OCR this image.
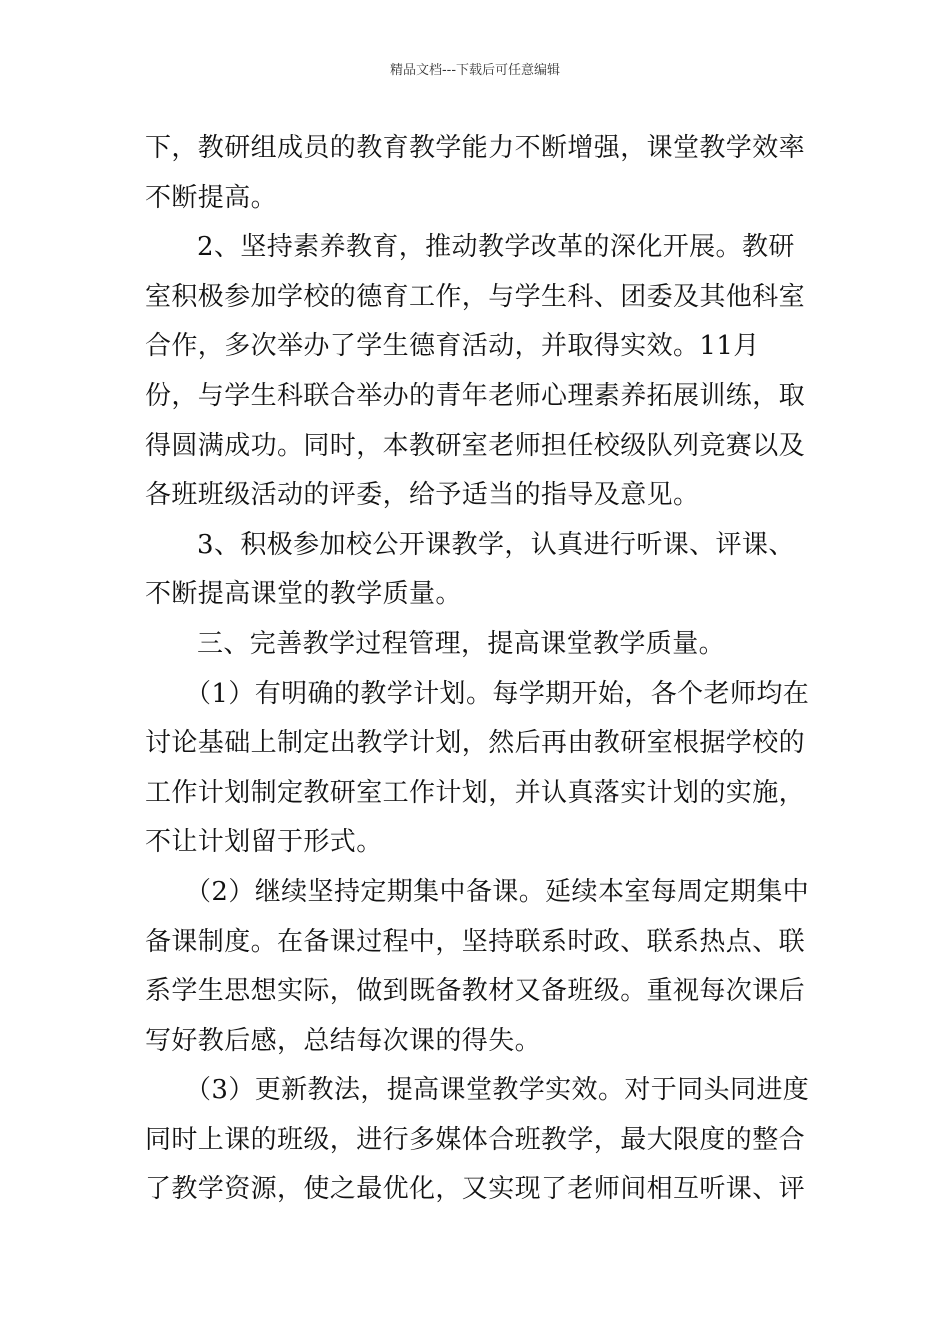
精品文档---下载后可任意编辑

下，教研组成员的教育教学能力不断增强，课堂教学效率不断提高。

2、坚持素养教育，推动教学改革的深化开展。教研室积极参加学校的德育工作，与学生科、团委及其他科室合作，多次举办了学生德育活动，并取得实效。11月份，与学生科联合举办的青年老师心理素养拓展训练，取得圆满成功。同时，本教研室老师担任校级队列竞赛以及各班班级活动的评委，给予适当的指导及意见。

3、积极参加校公开课教学，认真进行听课、评课、不断提高课堂的教学质量。

三、完善教学过程管理，提高课堂教学质量。

（1）有明确的教学计划。每学期开始，各个老师均在讨论基础上制定出教学计划，然后再由教研室根据学校的工作计划制定教研室工作计划，并认真落实计划的实施，不让计划留于形式。

（2）继续坚持定期集中备课。延续本室每周定期集中备课制度。在备课过程中，坚持联系时政、联系热点、联系学生思想实际，做到既备教材又备班级。重视每次课后写好教后感，总结每次课的得失。

（3）更新教法，提高课堂教学实效。对于同头同进度同时上课的班级，进行多媒体合班教学，最大限度的整合了教学资源，使之最优化，又实现了老师间相互听课、评
